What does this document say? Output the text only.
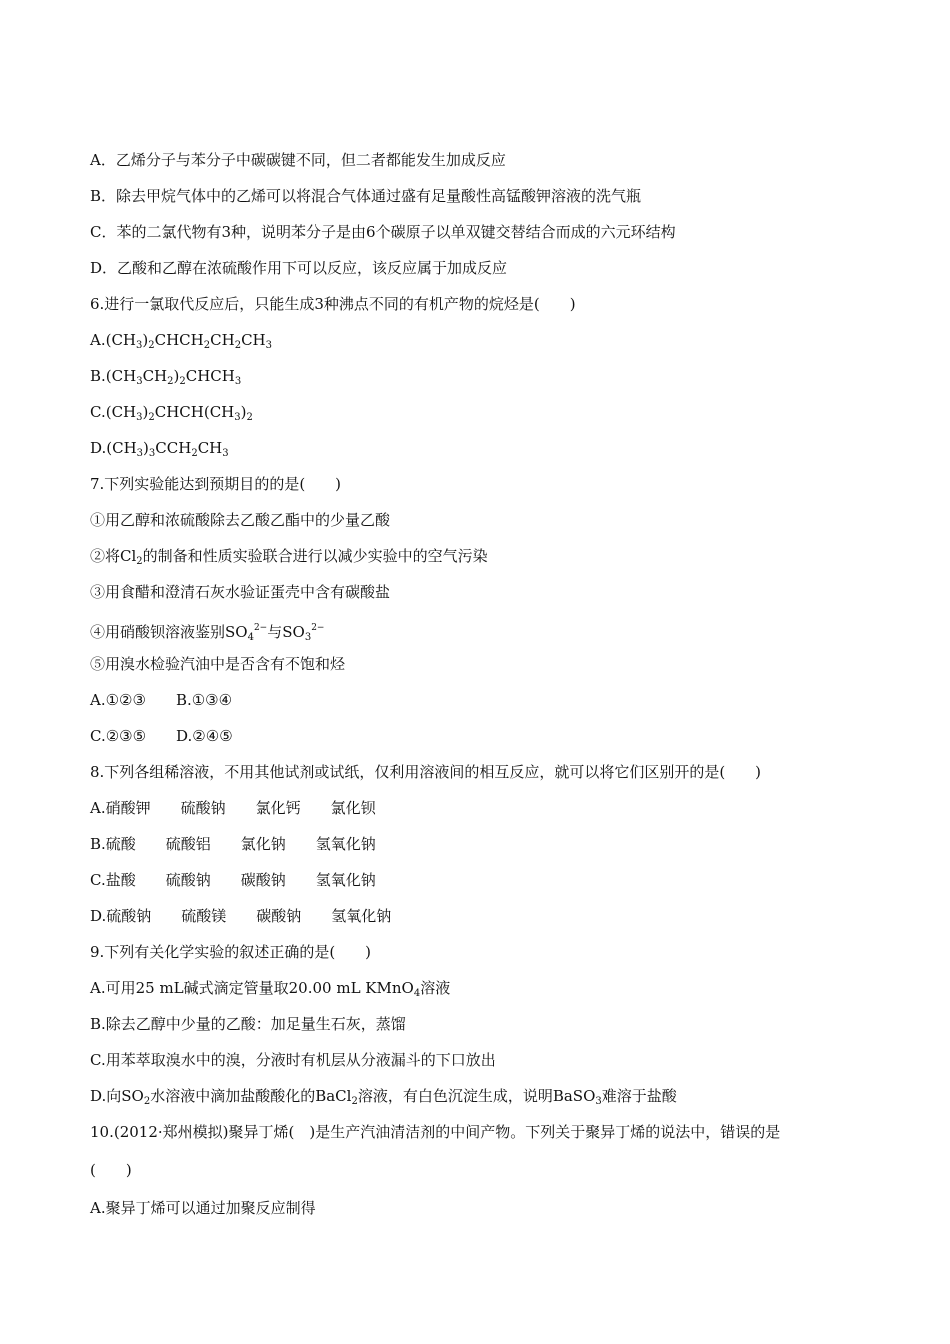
A．乙烯分子与苯分子中碳碳键不同，但二者都能发生加成反应
B．除去甲烷气体中的乙烯可以将混合气体通过盛有足量酸性高锰酸钾溶液的洗气瓶
C．苯的二氯代物有3种，说明苯分子是由6个碳原子以单双键交替结合而成的六元环结构
D．乙酸和乙醇在浓硫酸作用下可以反应，该反应属于加成反应
6.进行一氯取代反应后，只能生成3种沸点不同的有机产物的烷烃是(　　)
$A.(CH_3)_2CHCH_2CH_2CH_3$
$B.(CH_3CH_2)_2CHCH_3$
$C.(CH_3)_2CHCH(CH_3)_2$
$D.(CH_3)_3CCH_2CH_3$
7.下列实验能达到预期目的的是(　　)
①用乙醇和浓硫酸除去乙酸乙酯中的少量乙酸
②将$Cl_2$的制备和性质实验联合进行以减少实验中的空气污染
③用食醋和澄清石灰水验证蛋壳中含有碳酸盐
④用硝酸钡溶液鉴别$SO_4^{2-}$与$SO_3^{2-}$
⑤用溴水检验汽油中是否含有不饱和烃
A.①②③　　B.①③④
C.②③⑤　　D.②④⑤
8.下列各组稀溶液，不用其他试剂或试纸，仅利用溶液间的相互反应，就可以将它们区别开的是(　　)
A.硝酸钾　　硫酸钠　　氯化钙　　氯化钡
B.硫酸　　硫酸铝　　氯化钠　　氢氧化钠
C.盐酸　　硫酸钠　　碳酸钠　　氢氧化钠
D.硫酸钠　　硫酸镁　　碳酸钠　　氢氧化钠
9.下列有关化学实验的叙述正确的是(　　)
A.可用25 mL碱式滴定管量取20.00 mL KMnO$_4$溶液
B.除去乙醇中少量的乙酸：加足量生石灰，蒸馏
C.用苯萃取溴水中的溴，分液时有机层从分液漏斗的下口放出
D.向$SO_2$水溶液中滴加盐酸酸化的BaCl$_2$溶液，有白色沉淀生成，说明BaSO$_3$难溶于盐酸
10.(2012·郑州模拟)聚异丁烯(　)是生产汽油清洁剂的中间产物。下列关于聚异丁烯的说法中，错误的是
(　　)
A.聚异丁烯可以通过加聚反应制得
